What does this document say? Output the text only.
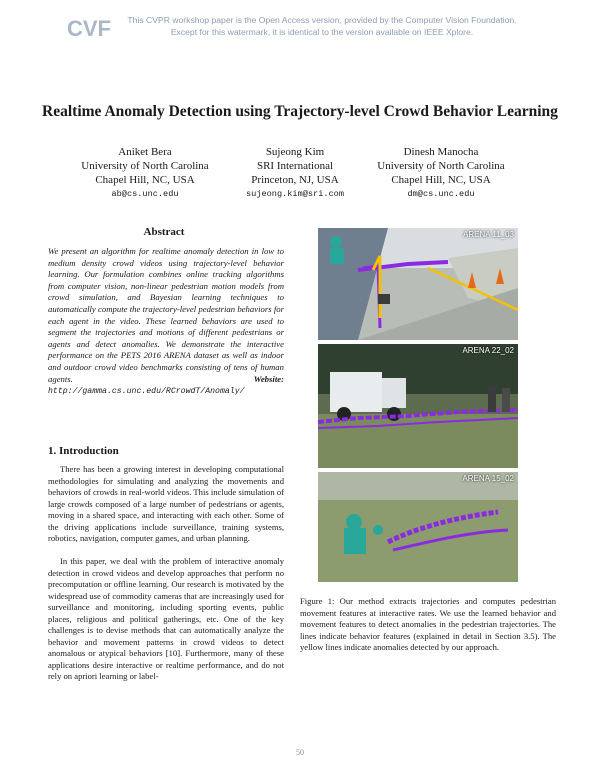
CVF	This CVPR workshop paper is the Open Access version, provided by the Computer Vision Foundation.
Except for this watermark, it is identical to the version available on IEEE Xplore.
Realtime Anomaly Detection using Trajectory-level Crowd Behavior Learning
Aniket Bera
University of North Carolina
Chapel Hill, NC, USA
ab@cs.unc.edu
Sujeong Kim
SRI International
Princeton, NJ, USA
sujeong.kim@sri.com
Dinesh Manocha
University of North Carolina
Chapel Hill, NC, USA
dm@cs.unc.edu
Abstract

We present an algorithm for realtime anomaly detection in low to medium density crowd videos using trajectory-level behavior learning. Our formulation combines online tracking algorithms from computer vision, non-linear pedestrian motion models from crowd simulation, and Bayesian learning techniques to automatically compute the trajectory-level pedestrian behaviors for each agent in the video. These learned behaviors are used to segment the trajectories and motions of different pedestrians or agents and detect anomalies. We demonstrate the interactive performance on the PETS 2016 ARENA dataset as well as indoor and outdoor crowd video benchmarks consisting of tens of human agents.	Website: http://gamma.cs.unc.edu/RCrowdT/Anomaly/

1. Introduction

There has been a growing interest in developing computational methodologies for simulating and analyzing the movements and behaviors of crowds in real-world videos. This include simulation of large crowds composed of a large number of pedestrians or agents, moving in a shared space, and interacting with each other. Some of the driving applications include surveillance, training systems, robotics, navigation, computer games, and urban planning.

In this paper, we deal with the problem of interactive anomaly detection in crowd videos and develop approaches that perform no precomputation or offline learning. Our research is motivated by the widespread use of commodity cameras that are increasingly used for surveillance and monitoring, including sporting events, public places, religious and political gatherings, etc. One of the key challenges is to devise methods that can automatically analyze the behavior and movement patterns in crowd videos to detect anomalous or atypical behaviors [10]. Furthermore, many of these applications desire interactive or realtime performance, and do not rely on apriori learning or label-

ARENA 11_03
ARENA 22_02
ARENA 15_02

Figure 1: Our method extracts trajectories and computes pedestrian movement features at interactive rates. We use the learned behavior and movement features to detect anomalies in the pedestrian trajectories. The lines indicate behavior features (explained in detail in Section 3.5). The yellow lines indicate anomalies detected by our approach.

50
